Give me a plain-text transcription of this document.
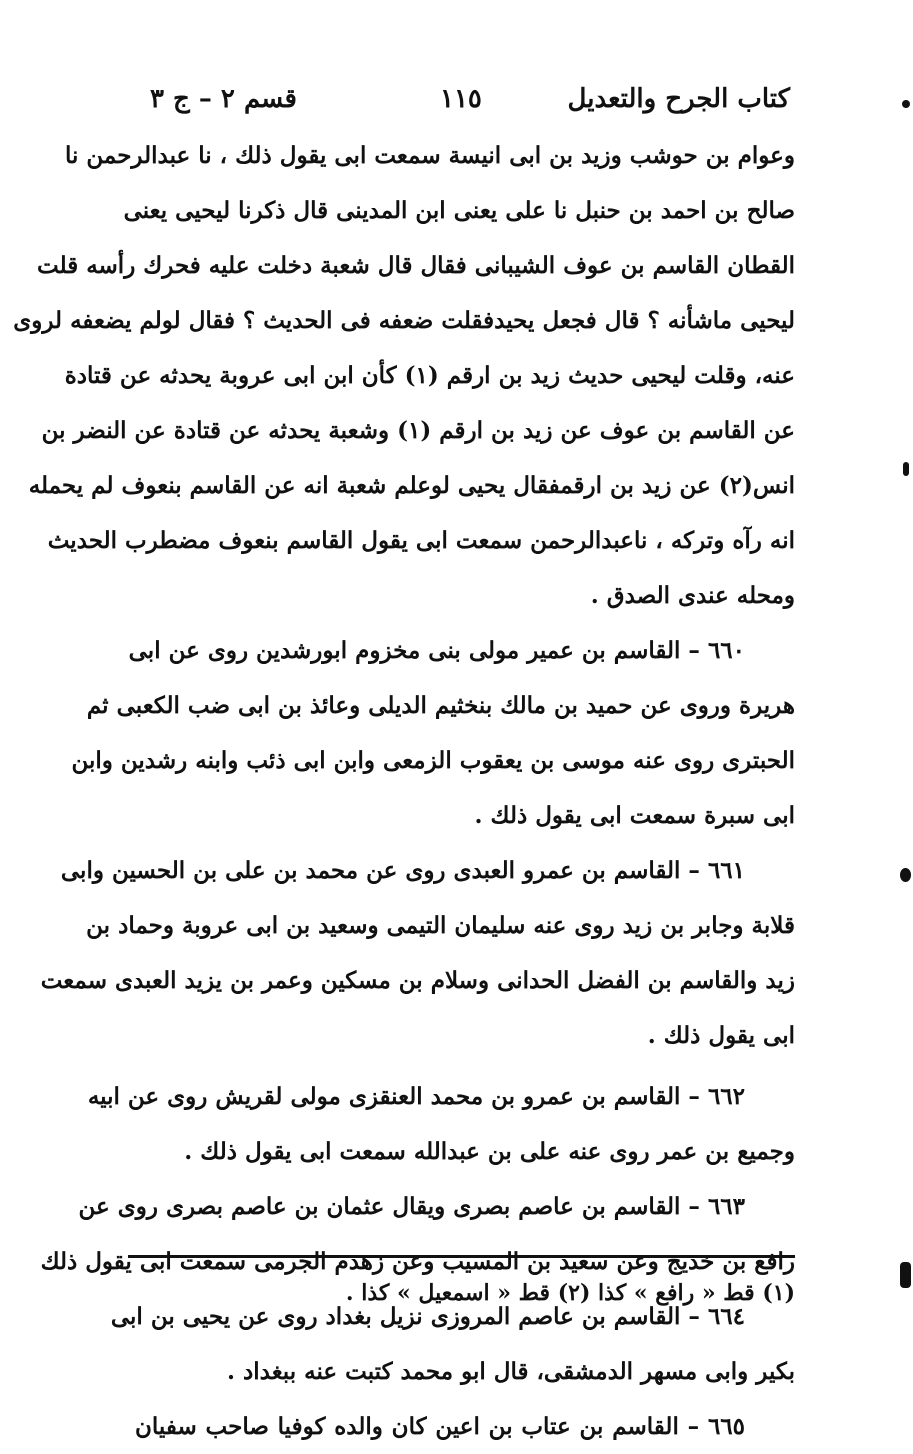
كتاب الجرح والتعديل
١١٥
قسم ٢ – ج ٣
وعوام بن حوشب وزيد بن ابى انيسة سمعت ابى يقول ذلك ، نا عبدالرحمن نا
صالح بن احمد بن حنبل نا على يعنى ابن المدينى قال ذكرنا ليحيى يعنى
القطان القاسم بن عوف الشيبانى فقال قال شعبة دخلت عليه فحرك رأسه قلت
ليحيى ماشأنه ؟ قال فجعل يحيدفقلت ضعفه فى الحديث ؟ فقال لولم يضعفه لروى
عنه، وقلت ليحيى حديث زيد بن ارقم (١) كأن ابن ابى عروبة يحدثه عن قتادة
عن القاسم بن عوف عن زيد بن ارقم (١) وشعبة يحدثه عن قتادة عن النضر بن
انس(٢) عن زيد بن ارقمفقال يحيى لوعلم شعبة انه عن القاسم بنعوف لم يحمله
انه رآه وتركه ، ناعبدالرحمن سمعت ابى يقول القاسم بنعوف مضطرب الحديث
ومحله عندى الصدق .
٦٦٠ – القاسم بن عمير مولى بنى مخزوم ابورشدين روى عن ابى
هريرة وروى عن حميد بن مالك بنخثيم الديلى وعائذ بن ابى ضب الكعبى ثم
الحبترى روى عنه موسى بن يعقوب الزمعى وابن ابى ذئب وابنه رشدين وابن
ابى سبرة سمعت ابى يقول ذلك .
٦٦١ – القاسم بن عمرو العبدى روى عن محمد بن على بن الحسين وابى
قلابة وجابر بن زيد روى عنه سليمان التيمى وسعيد بن ابى عروبة وحماد بن
زيد والقاسم بن الفضل الحدانى وسلام بن مسكين وعمر بن يزيد العبدى سمعت
ابى يقول ذلك .
٦٦٢ – القاسم بن عمرو بن محمد العنقزى مولى لقريش روى عن ابيه
وجميع بن عمر روى عنه على بن عبدالله سمعت ابى يقول ذلك .
٦٦٣ – القاسم بن عاصم بصرى ويقال عثمان بن عاصم بصرى روى عن
رافع بن خديج وعن سعيد بن المسيب وعن زهدم الجرمى سمعت ابى يقول ذلك
٦٦٤ – القاسم بن عاصم المروزى نزيل بغداد روى عن يحيى بن ابى
بكير وابى مسهر الدمشقى، قال ابو محمد كتبت عنه ببغداد .
٦٦٥ – القاسم بن عتاب بن اعين كان والده كوفيا صاحب سفيان
(١) قط « رافع » كذا (٢) قط « اسمعيل » كذا .
